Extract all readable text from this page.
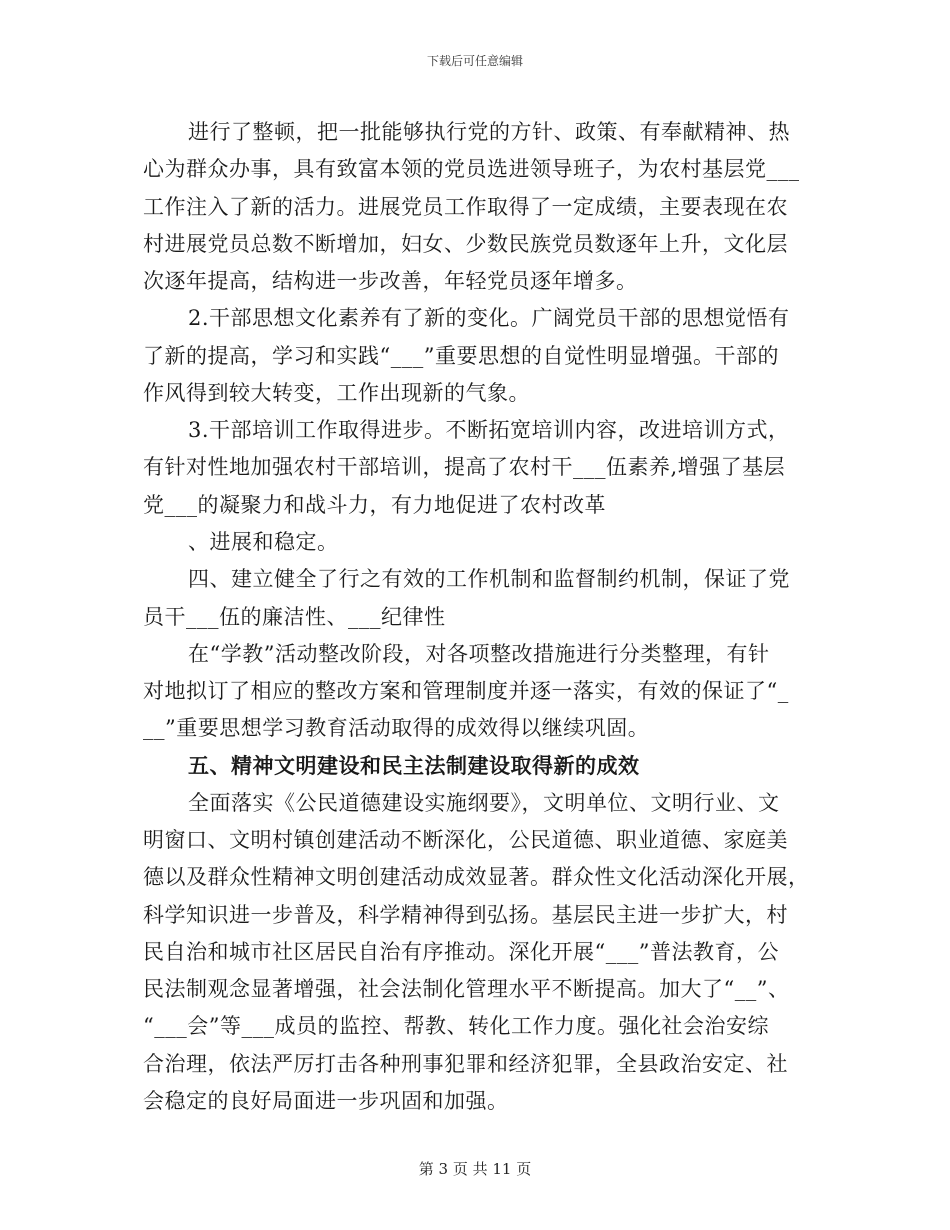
下载后可任意编辑
进行了整顿，把一批能够执行党的方针、政策、有奉献精神、热
心为群众办事，具有致富本领的党员选进领导班子，为农村基层党___
工作注入了新的活力。进展党员工作取得了一定成绩，主要表现在农
村进展党员总数不断增加，妇女、少数民族党员数逐年上升，文化层
次逐年提高，结构进一步改善，年轻党员逐年增多。
2.干部思想文化素养有了新的变化。广阔党员干部的思想觉悟有
了新的提高，学习和实践“___”重要思想的自觉性明显增强。干部的
作风得到较大转变，工作出现新的气象。
3.干部培训工作取得进步。不断拓宽培训内容，改进培训方式，
有针对性地加强农村干部培训，提高了农村干___伍素养,增强了基层
党___的凝聚力和战斗力，有力地促进了农村改革
、进展和稳定。
四、建立健全了行之有效的工作机制和监督制约机制，保证了党
员干___伍的廉洁性、___纪律性
在“学教”活动整改阶段，对各项整改措施进行分类整理，有针
对地拟订了相应的整改方案和管理制度并逐一落实，有效的保证了“_
__”重要思想学习教育活动取得的成效得以继续巩固。
五、精神文明建设和民主法制建设取得新的成效
全面落实《公民道德建设实施纲要》，文明单位、文明行业、文
明窗口、文明村镇创建活动不断深化，公民道德、职业道德、家庭美
德以及群众性精神文明创建活动成效显著。群众性文化活动深化开展，
科学知识进一步普及，科学精神得到弘扬。基层民主进一步扩大，村
民自治和城市社区居民自治有序推动。深化开展“___”普法教育，公
民法制观念显著增强，社会法制化管理水平不断提高。加大了“__”、
“___会”等___成员的监控、帮教、转化工作力度。强化社会治安综
合治理，依法严厉打击各种刑事犯罪和经济犯罪，全县政治安定、社
会稳定的良好局面进一步巩固和加强。
第 3 页 共 11 页
